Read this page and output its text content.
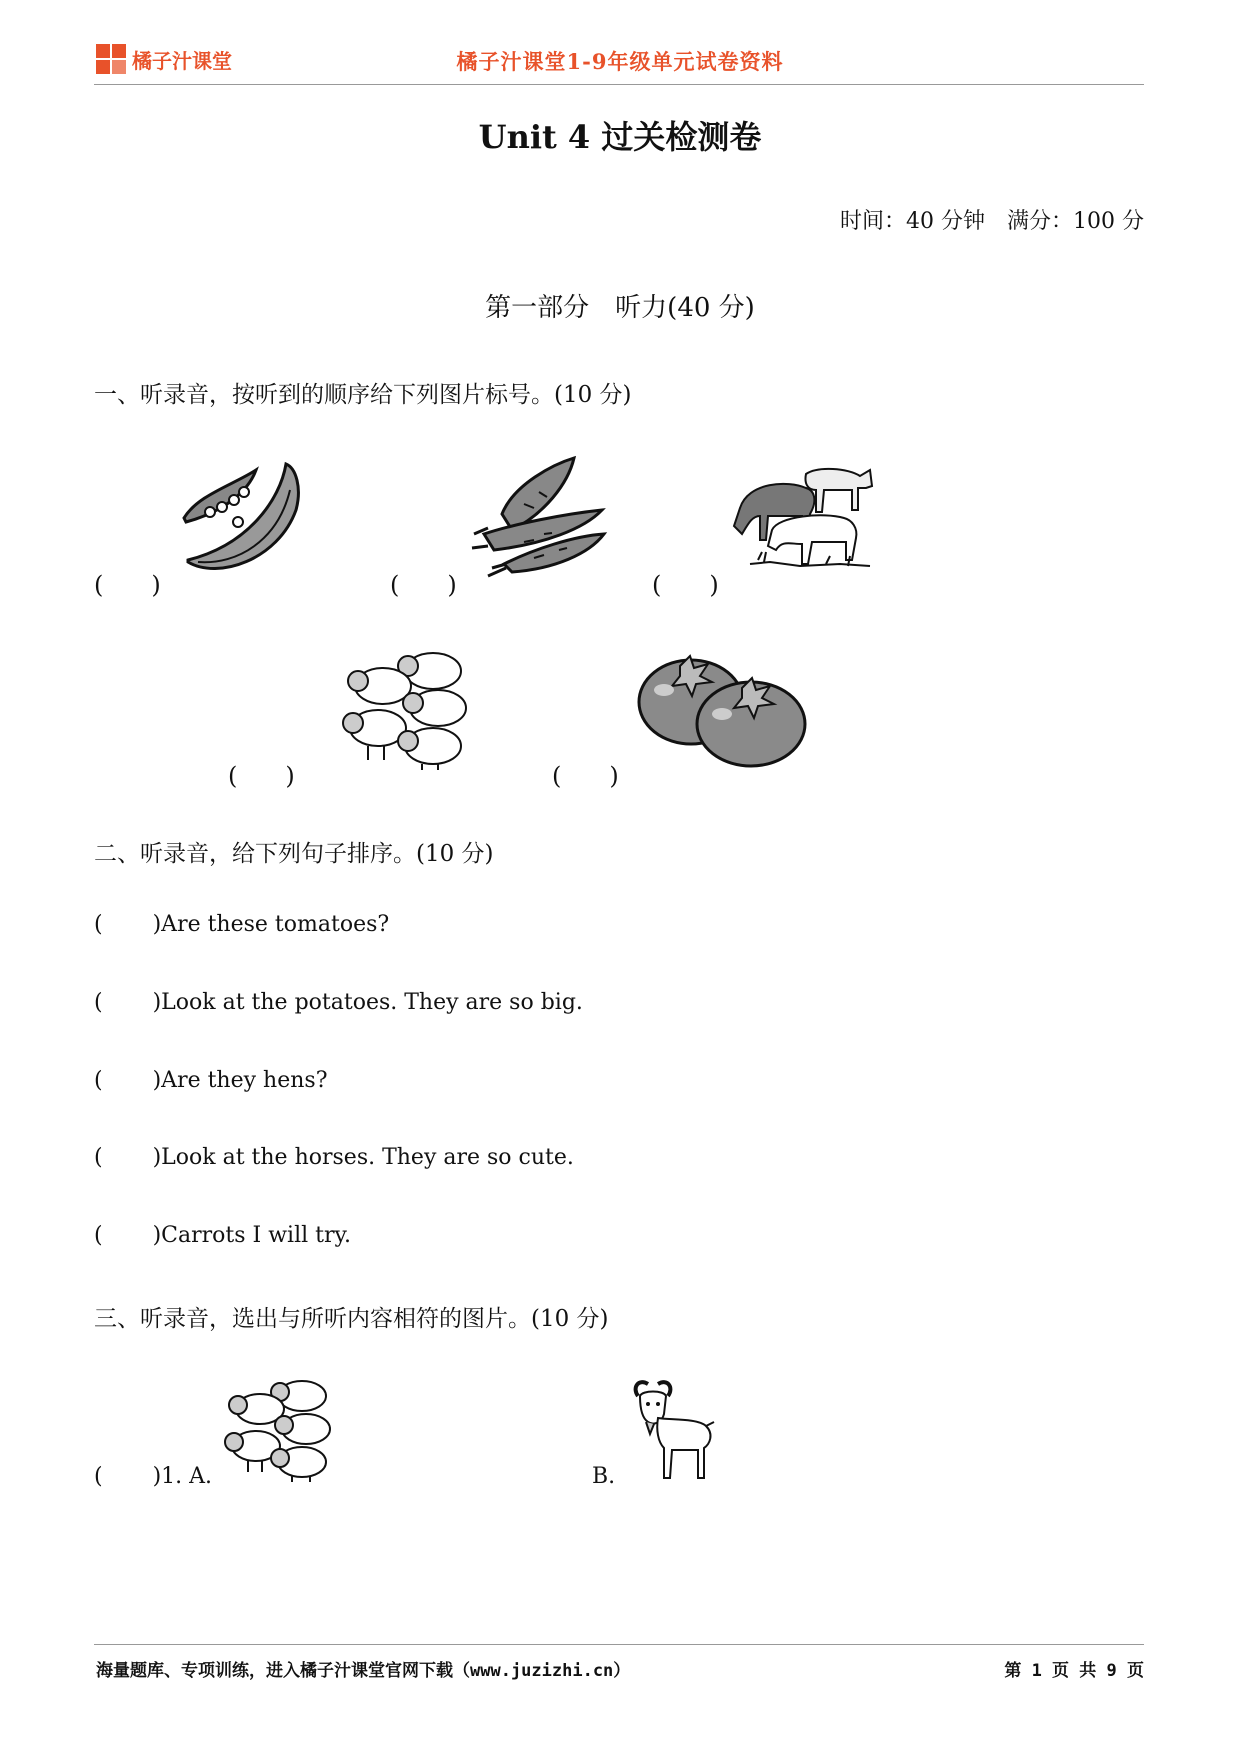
橘子汁课堂	橘子汁课堂1-9年级单元试卷资料
Unit 4 过关检测卷
时间：40 分钟　满分：100 分
第一部分　听力(40 分)
一、听录音，按听到的顺序给下列图片标号。(10 分)
(　　)	(　　)	(　　)
(　　)	(　　)
二、听录音，给下列句子排序。(10 分)
( )Are these tomatoes?
( )Look at the potatoes. They are so big.
( )Are they hens?
( )Look at the horses. They are so cute.
( )Carrots I will try.
三、听录音，选出与所听内容相符的图片。(10 分)
( )1. A.	B.
海量题库、专项训练，进入橘子汁课堂官网下载（www.juzizhi.cn）	第 1 页 共 9 页
